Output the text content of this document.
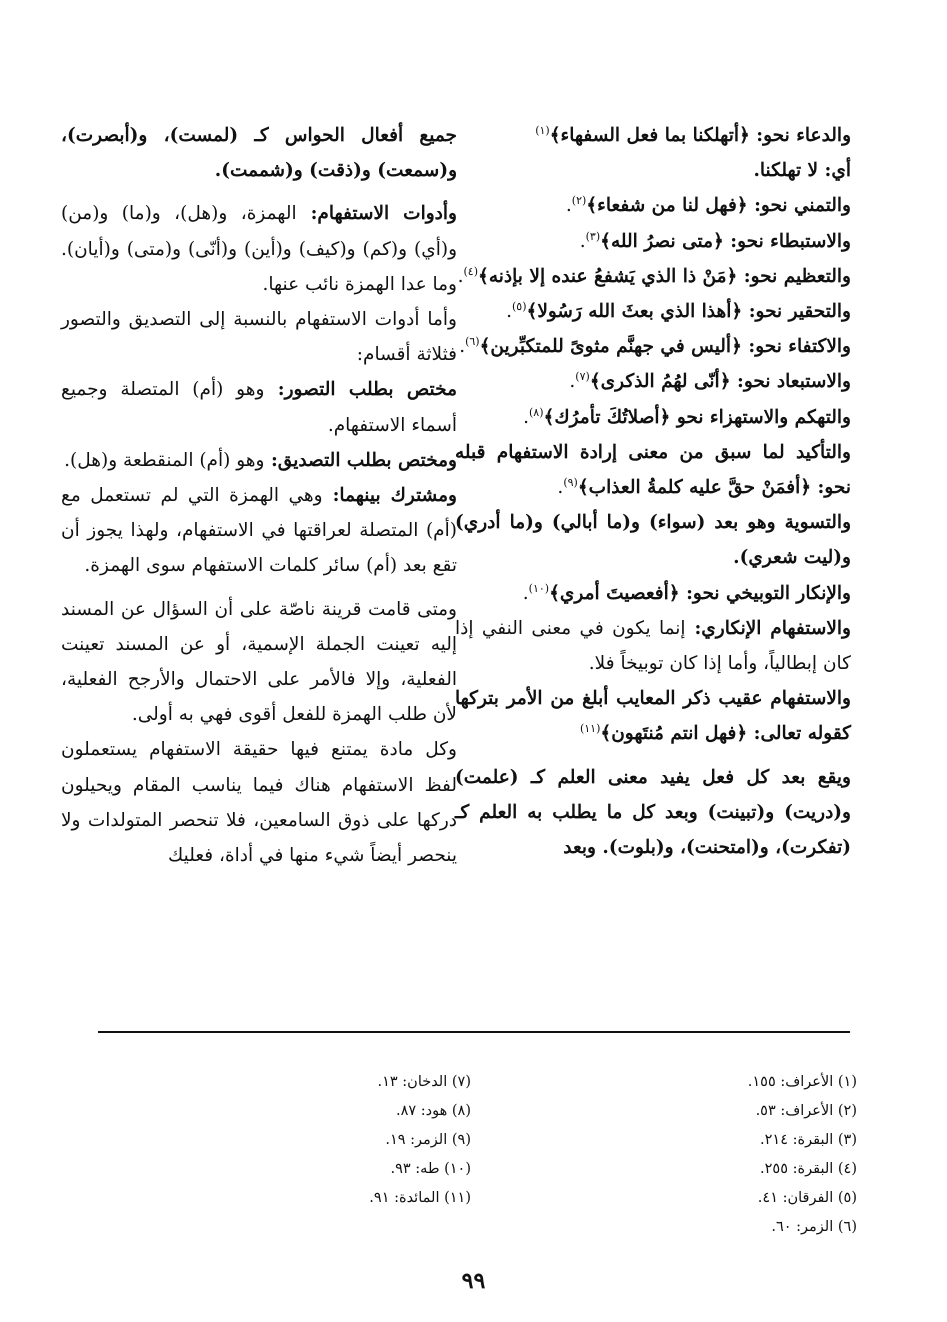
والدعاء نحو: ﴿أتهلكنا بما فعل السفهاء﴾$^{(١)}$

أي: لا تهلكنا.

والتمني نحو: ﴿فهل لنا من شفعاء﴾$^{(٢)}$.

والاستبطاء نحو: ﴿متى نصرُ الله﴾$^{(٣)}$.

والتعظيم نحو: ﴿مَنْ ذا الذي يَشفعُ عنده إلا بإذنه﴾$^{(٤)}$.

والتحقير نحو: ﴿أهذا الذي بعثَ الله رَسُولا﴾$^{(٥)}$.

والاكتفاء نحو: ﴿أليس في جهنَّم مثوىً للمتكبِّرين﴾$^{(٦)}$.

والاستبعاد نحو: ﴿أنّى لهُمُ الذكرى﴾$^{(٧)}$.

والتهكم والاستهزاء نحو ﴿أصلاتُكَ تأمرُك﴾$^{(٨)}$.

والتأكيد لما سبق من معنى إرادة الاستفهام قبله نحو: ﴿أفمَنْ حقَّ عليه كلمةُ العذاب﴾$^{(٩)}$.

والتسوية وهو بعد (سواء) و(ما أبالي) و(ما أدري) و(ليت شعري).

والإنكار التوبيخي نحو: ﴿أفعصيتَ أمري﴾$^{(١٠)}$.

والاستفهام الإنكاري: إنما يكون في معنى النفي إذا كان إبطالياً، وأما إذا كان توبيخاً فلا.

والاستفهام عقيب ذكر المعايب أبلغ من الأمر بتركها كقوله تعالى: ﴿فهل انتم مُنتَهون﴾$^{(١١)}$

ويقع بعد كل فعل يفيد معنى العلم كـ (علمت) و(دريت) و(تبينت) وبعد كل ما يطلب به العلم كـ (تفكرت)، و(امتحنت)، و(بلوت). وبعد

جميع أفعال الحواس كـ (لمست)، و(أبصرت)، و(سمعت) و(ذقت) و(شممت).

وأدوات الاستفهام: الهمزة، و(هل)، و(ما) و(من) و(أي) و(كم) و(كيف) و(أين) و(أنّى) و(متى) و(أيان). وما عدا الهمزة نائب عنها.

وأما أدوات الاستفهام بالنسبة إلى التصديق والتصور فثلاثة أقسام:

مختص بطلب التصور: وهو (أم) المتصلة وجميع أسماء الاستفهام.

ومختص بطلب التصديق: وهو (أم) المنقطعة و(هل).

ومشترك بينهما: وهي الهمزة التي لم تستعمل مع (أم) المتصلة لعراقتها في الاستفهام، ولهذا يجوز أن تقع بعد (أم) سائر كلمات الاستفهام سوى الهمزة.

ومتى قامت قرينة ناصّة على أن السؤال عن المسند إليه تعينت الجملة الإسمية، أو عن المسند تعينت الفعلية، وإلا فالأمر على الاحتمال والأرجح الفعلية، لأن طلب الهمزة للفعل أقوى فهي به أولى.

وكل مادة يمتنع فيها حقيقة الاستفهام يستعملون لفظ الاستفهام هناك فيما يناسب المقام ويحيلون دركها على ذوق السامعين، فلا تنحصر المتولدات ولا ينحصر أيضاً شيء منها في أداة، فعليك

(١) الأعراف: ١٥٥.
(٢) الأعراف: ٥٣.
(٣) البقرة: ٢١٤.
(٤) البقرة: ٢٥٥.
(٥) الفرقان: ٤١.
(٦) الزمر: ٦٠.
(٧) الدخان: ١٣.
(٨) هود: ٨٧.
(٩) الزمر: ١٩.
(١٠) طه: ٩٣.
(١١) المائدة: ٩١.
٩٩
